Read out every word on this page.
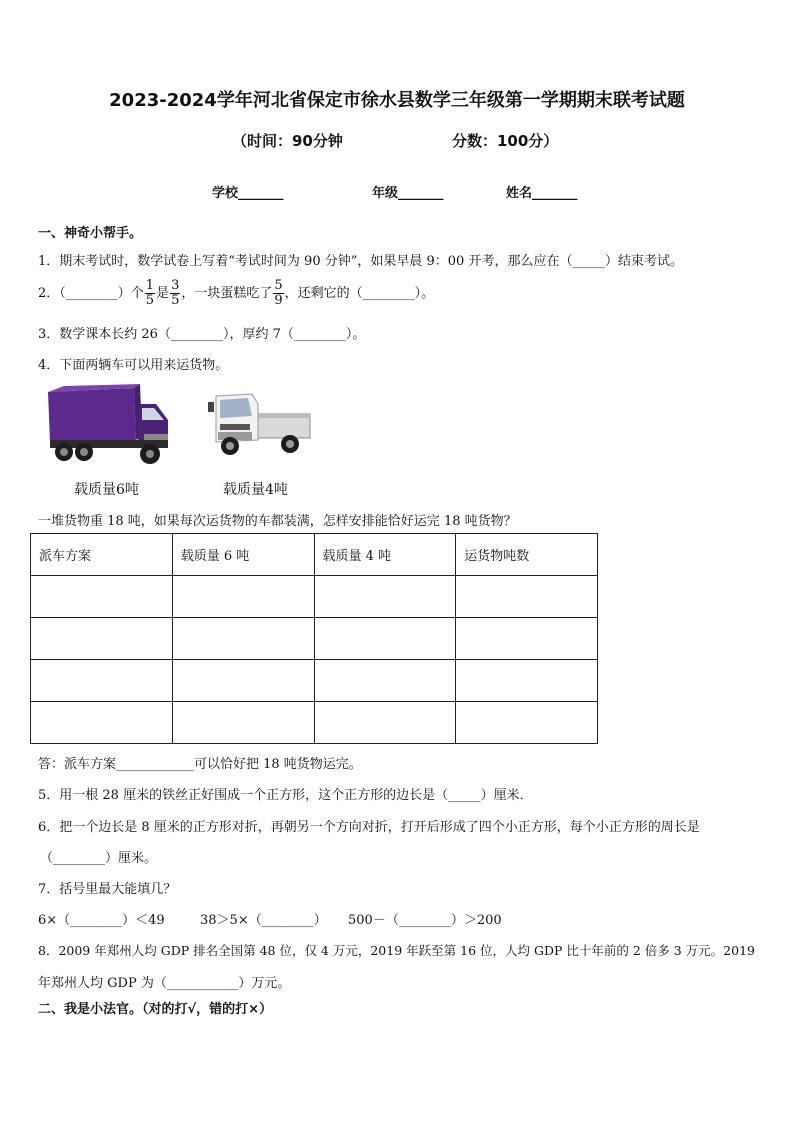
2023-2024学年河北省保定市徐水县数学三年级第一学期期末联考试题
（时间：90分钟	分数：100分）
学校_______	年级_______	姓名_______
一、神奇小帮手。
1．期末考试时，数学试卷上写着“考试时间为 90 分钟”，如果早晨 9：00 开考，那么应在（_____）结束考试。
2．（________）个 $\frac{1}{5}$ 是 $\frac{3}{5}$ ，一块蛋糕吃了 $\frac{5}{9}$ ，还剩它的（________）。
3．数学课本长约 26（________），厚约 7（________）。
4．下面两辆车可以用来运货物。
载质量6吨	载质量4吨
一堆货物重 18 吨，如果每次运货物的车都装满，怎样安排能恰好运完 18 吨货物？
派车方案	载质量 6 吨	载质量 4 吨	运货物吨数

答：派车方案____________可以恰好把 18 吨货物运完。
5．用一根 28 厘米的铁丝正好围成一个正方形，这个正方形的边长是（_____）厘米．
6．把一个边长是 8 厘米的正方形对折，再朝另一个方向对折，打开后形成了四个小正方形，每个小正方形的周长是
（________）厘米。
7．括号里最大能填几？
6×（________）＜49	38＞5×（________） 500－（________）＞200
8．2009 年郑州人均 GDP 排名全国第 48 位，仅 4 万元，2019 年跃至第 16 位，人均 GDP 比十年前的 2 倍多 3 万元。2019
年郑州人均 GDP 为（___________）万元。
二、我是小法官。（对的打√，错的打×）
